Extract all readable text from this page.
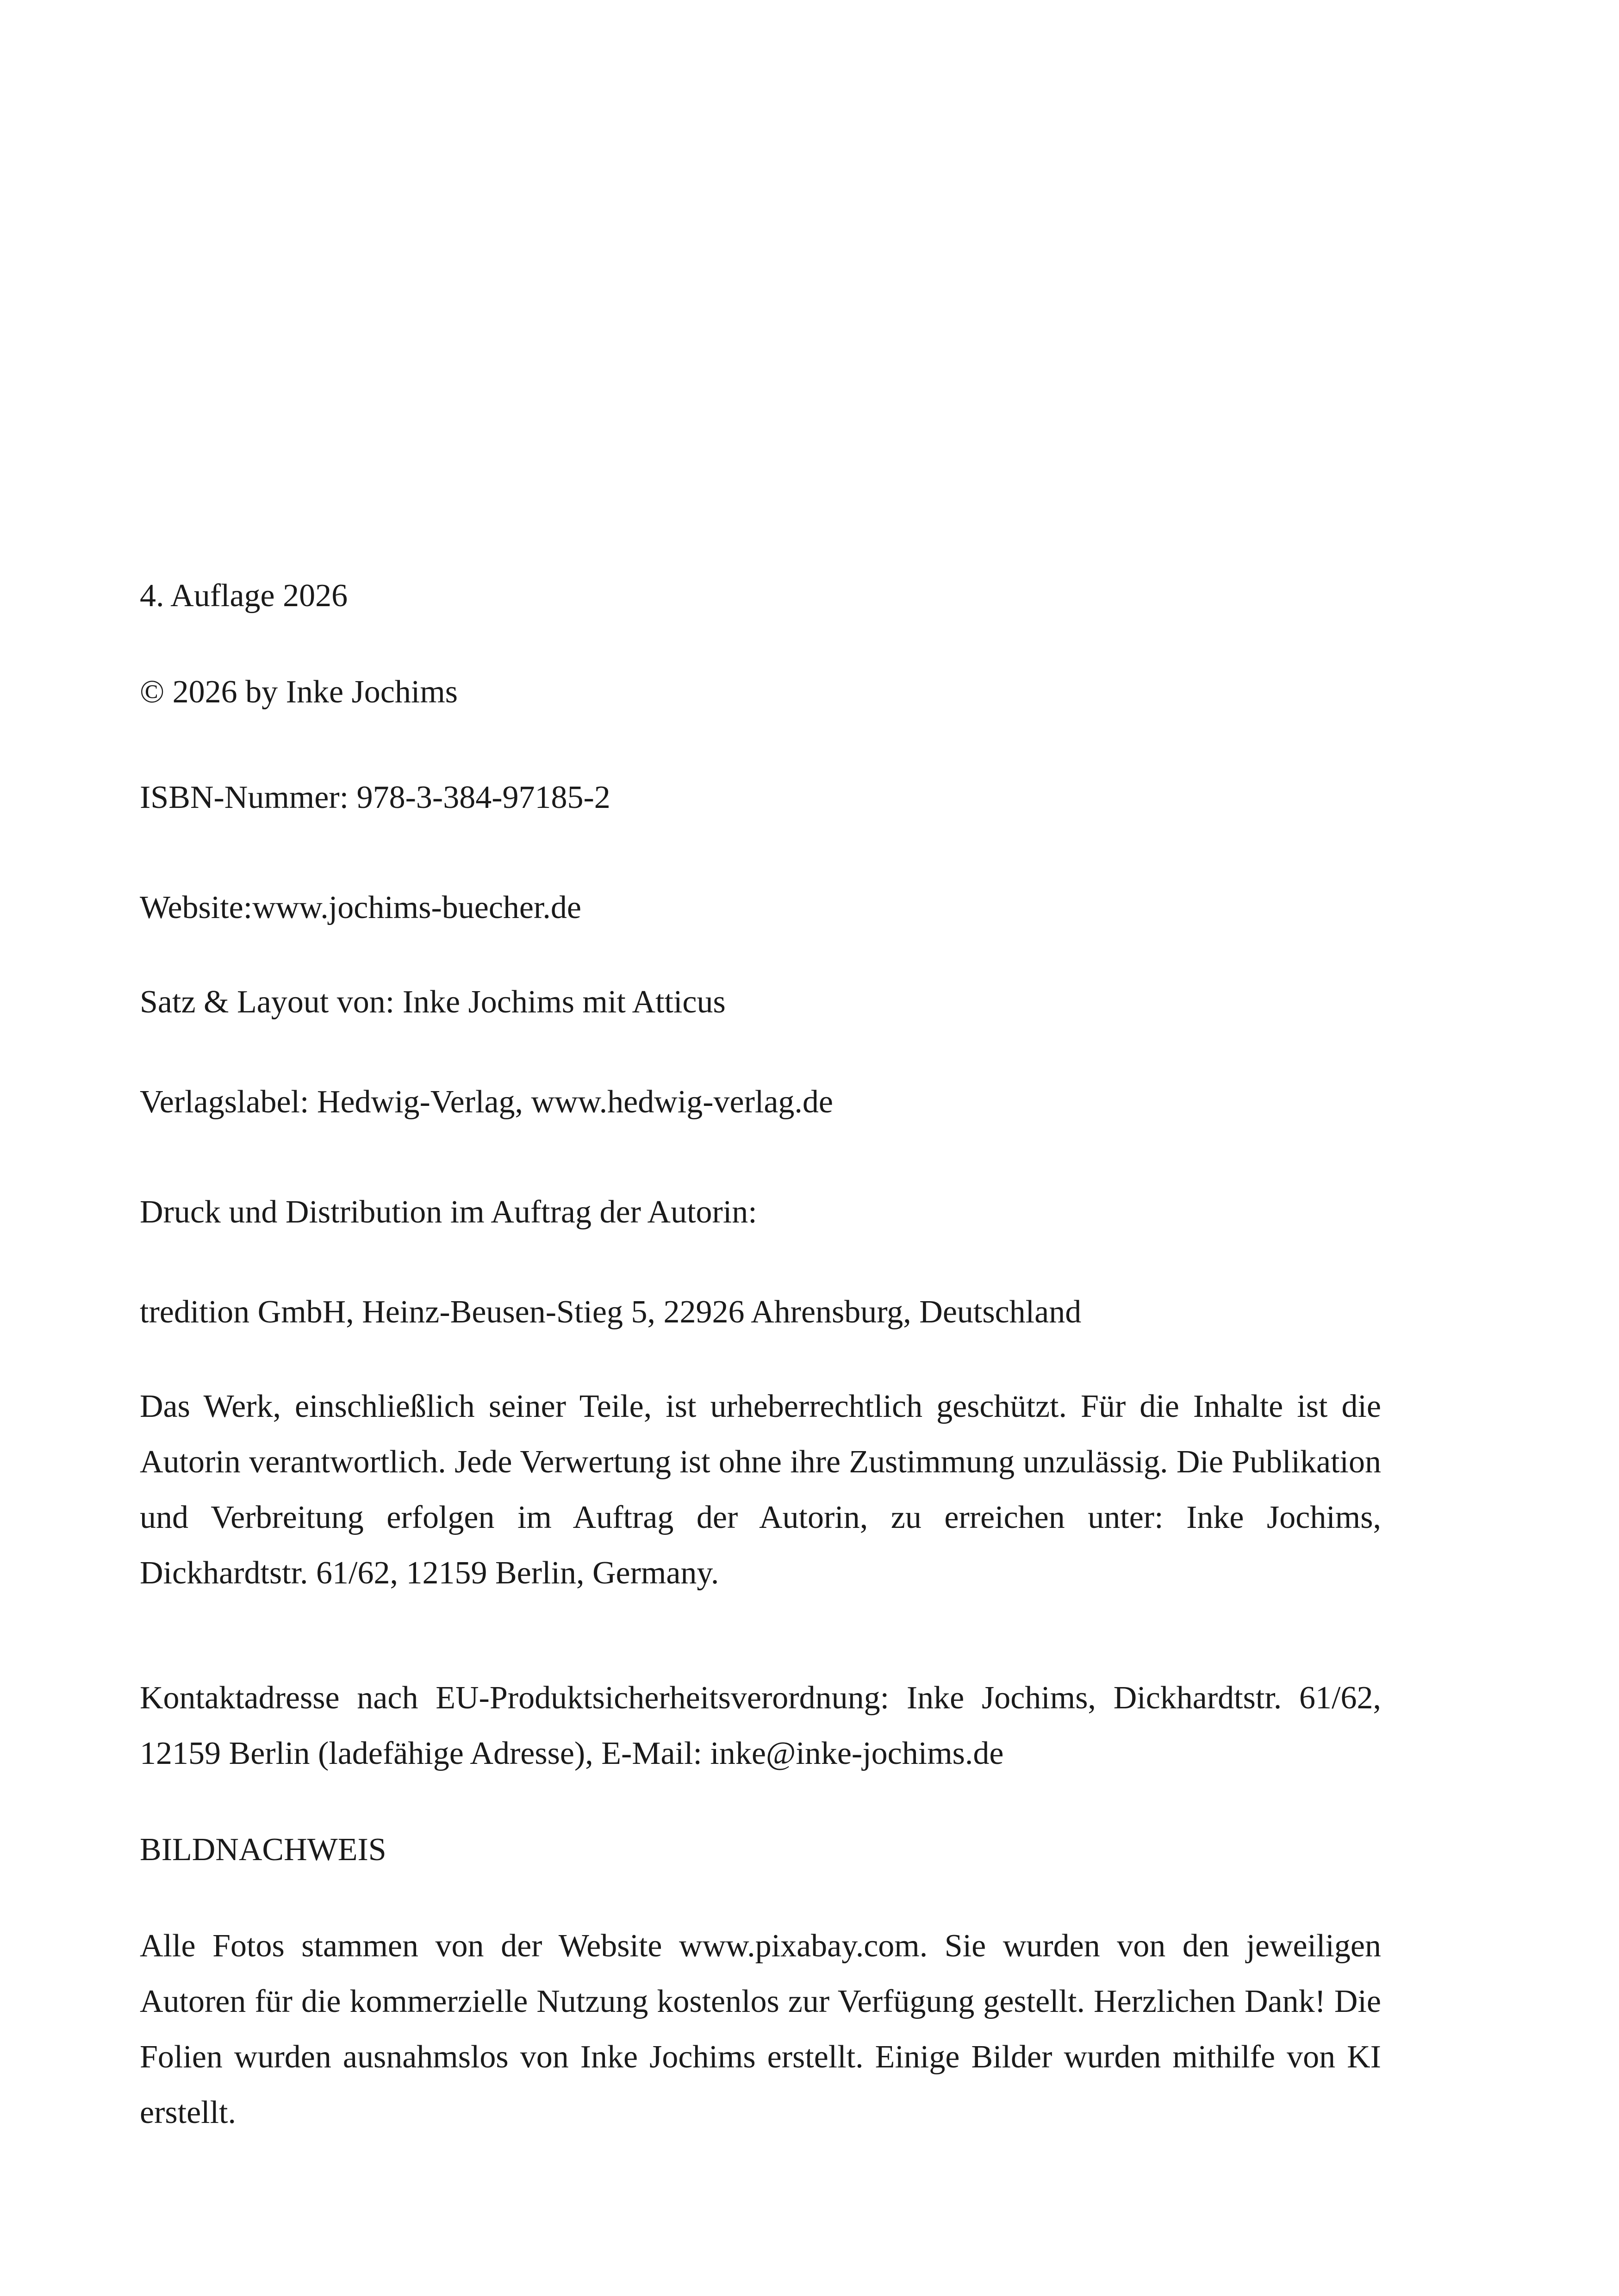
4. Auflage 2026

© 2026 by Inke Jochims

ISBN-Nummer: 978-3-384-97185-2

Website:www.jochims-buecher.de

Satz & Layout von: Inke Jochims mit Atticus

Verlagslabel: Hedwig-Verlag, www.hedwig-verlag.de

Druck und Distribution im Auftrag der Autorin:

tredition GmbH, Heinz-Beusen-Stieg 5, 22926 Ahrensburg, Deutschland

Das Werk, einschließlich seiner Teile, ist urheberrechtlich geschützt. Für die Inhalte ist die Autorin verantwortlich. Jede Verwertung ist ohne ihre Zustimmung unzulässig. Die Publikation und Verbreitung erfolgen im Auftrag der Autorin, zu erreichen unter: Inke Jochims, Dickhardtstr. 61/62, 12159 Berlin, Germany.

Kontaktadresse nach EU-Produktsicherheitsverordnung: Inke Jochims, Dickhardtstr. 61/62, 12159 Berlin (ladefähige Adresse), E-Mail: inke@inke-jochims.de

BILDNACHWEIS

Alle Fotos stammen von der Website www.pixabay.com. Sie wurden von den jeweiligen Autoren für die kommerzielle Nutzung kostenlos zur Verfügung gestellt. Herzlichen Dank! Die Folien wurden ausnahmslos von Inke Jochims erstellt. Einige Bilder wurden mithilfe von KI erstellt.
